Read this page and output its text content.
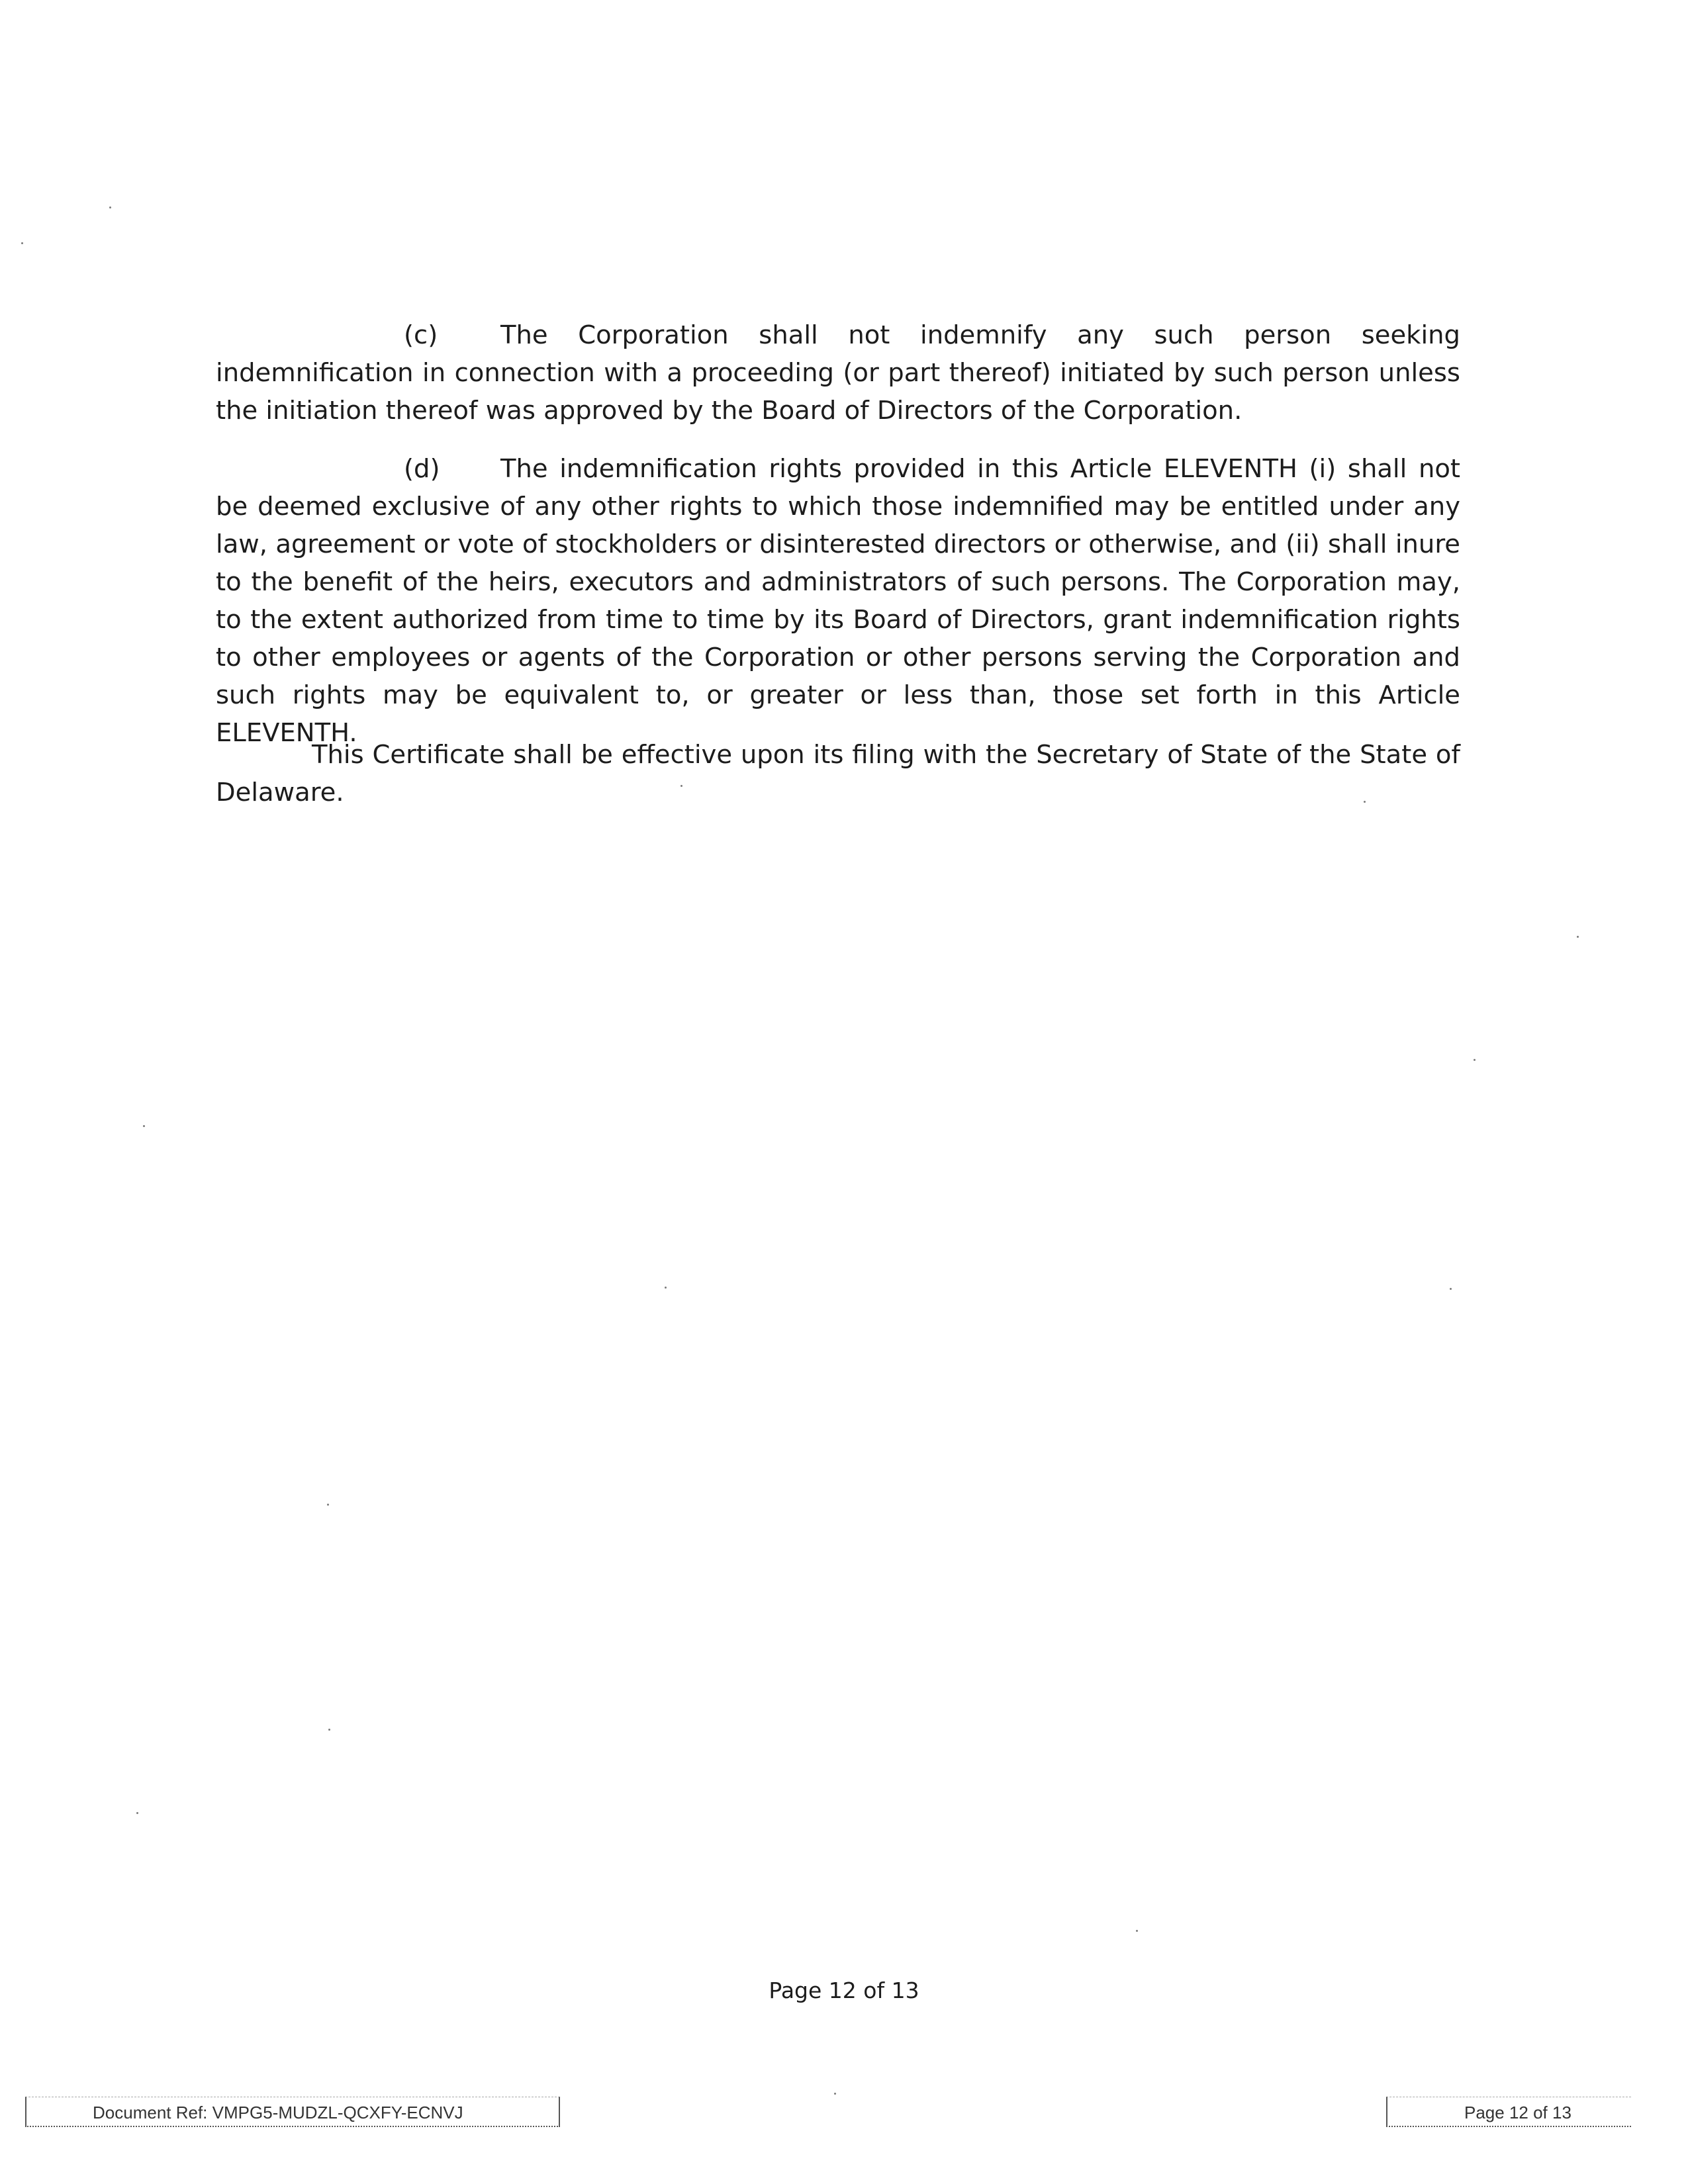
(c) The Corporation shall not indemnify any such person seeking indemnification in connection with a proceeding (or part thereof) initiated by such person unless the initiation thereof was approved by the Board of Directors of the Corporation.

(d) The indemnification rights provided in this Article ELEVENTH (i) shall not be deemed exclusive of any other rights to which those indemnified may be entitled under any law, agreement or vote of stockholders or disinterested directors or otherwise, and (ii) shall inure to the benefit of the heirs, executors and administrators of such persons. The Corporation may, to the extent authorized from time to time by its Board of Directors, grant indemnification rights to other employees or agents of the Corporation or other persons serving the Corporation and such rights may be equivalent to, or greater or less than, those set forth in this Article ELEVENTH.

This Certificate shall be effective upon its filing with the Secretary of State of the State of Delaware.

Page 12 of 13
Document Ref: VMPG5-MUDZL-QCXFY-ECNVJ	Page 12 of 13
